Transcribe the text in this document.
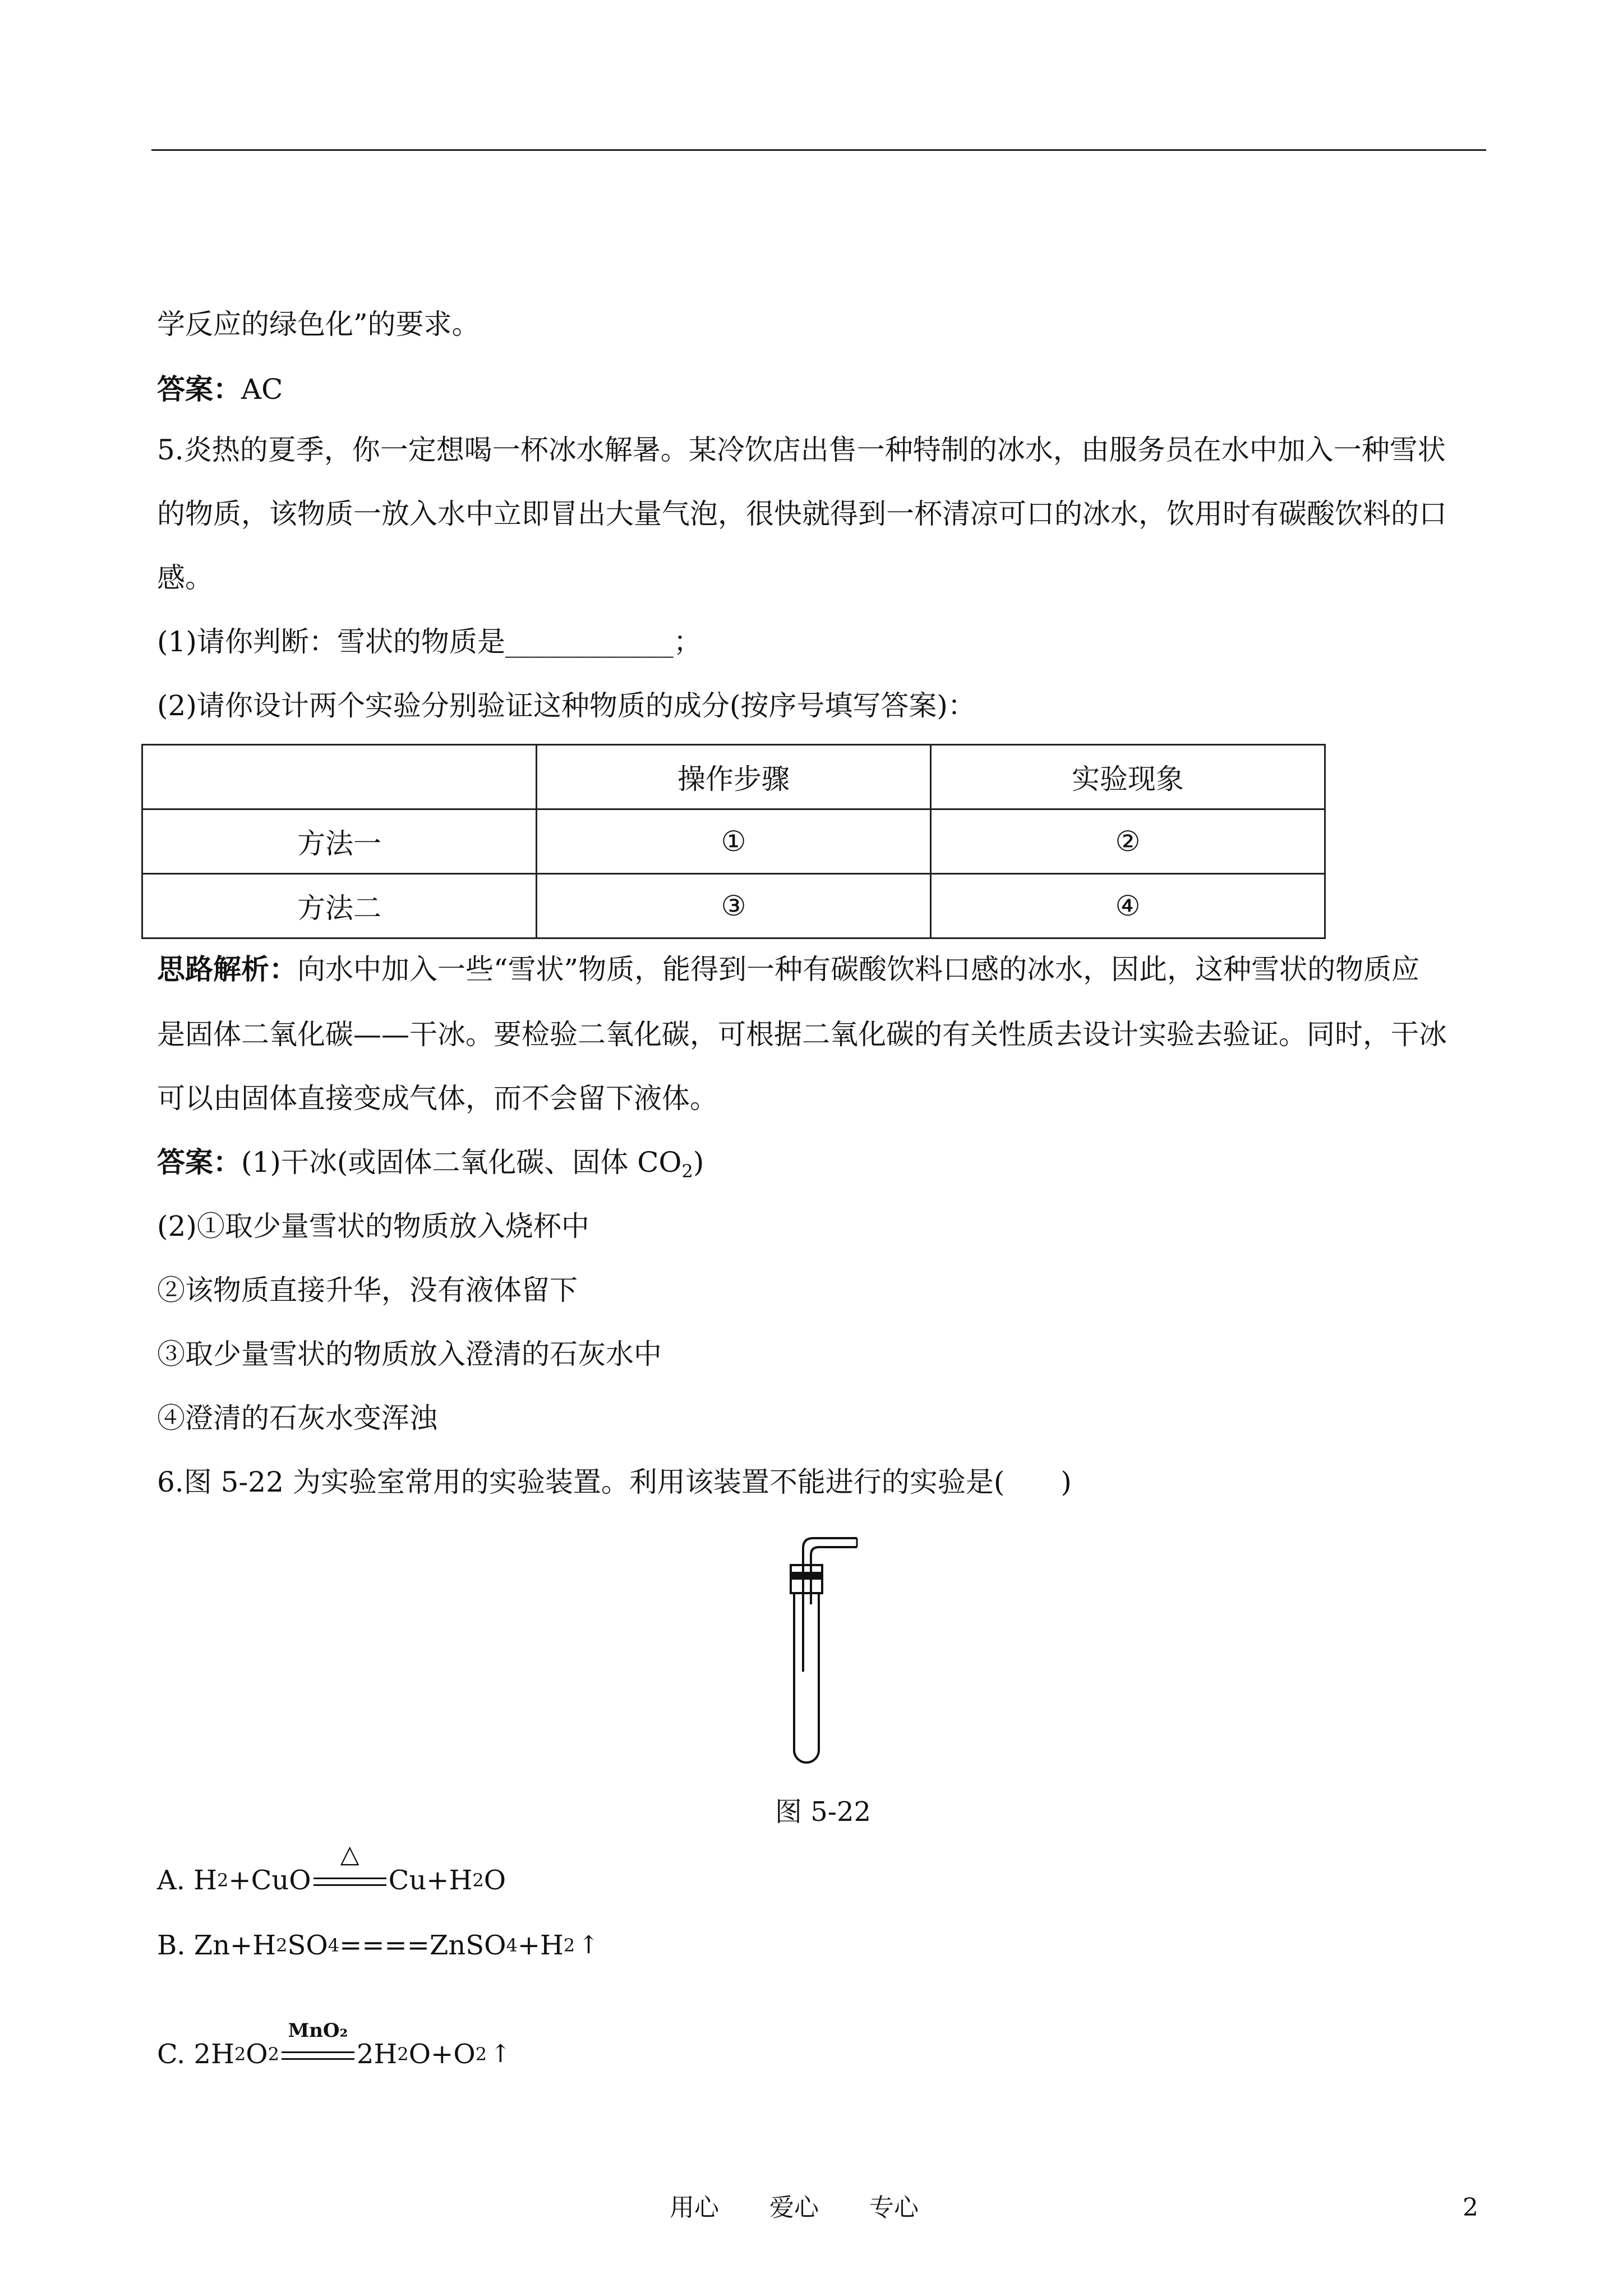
学反应的绿色化”的要求。
答案：AC
5.炎热的夏季，你一定想喝一杯冰水解暑。某冷饮店出售一种特制的冰水，由服务员在水中加入一种雪状
的物质，该物质一放入水中立即冒出大量气泡，很快就得到一杯清凉可口的冰水，饮用时有碳酸饮料的口
感。
(1)请你判断：雪状的物质是____________；
(2)请你设计两个实验分别验证这种物质的成分(按序号填写答案)：
	操作步骤	实验现象
方法一	①	②
方法二	③	④
思路解析：向水中加入一些“雪状”物质，能得到一种有碳酸饮料口感的冰水，因此，这种雪状的物质应
是固体二氧化碳——干冰。要检验二氧化碳，可根据二氧化碳的有关性质去设计实验去验证。同时，干冰
可以由固体直接变成气体，而不会留下液体。
答案：(1)干冰(或固体二氧化碳、固体 $CO_2$)
(2)①取少量雪状的物质放入烧杯中
②该物质直接升华，没有液体留下
③取少量雪状的物质放入澄清的石灰水中
④澄清的石灰水变浑浊
6.图 5-22 为实验室常用的实验装置。利用该装置不能进行的实验是(　　)
图 5-22
A. H 2 +CuO
△
Cu+H 2 O
B. Zn+H 2 SO 4 ====ZnSO 4 +H 2 ↑
C. 2H 2 O 2
MnO₂
2H 2 O+O 2 ↑
用心 爱心 专心	2
